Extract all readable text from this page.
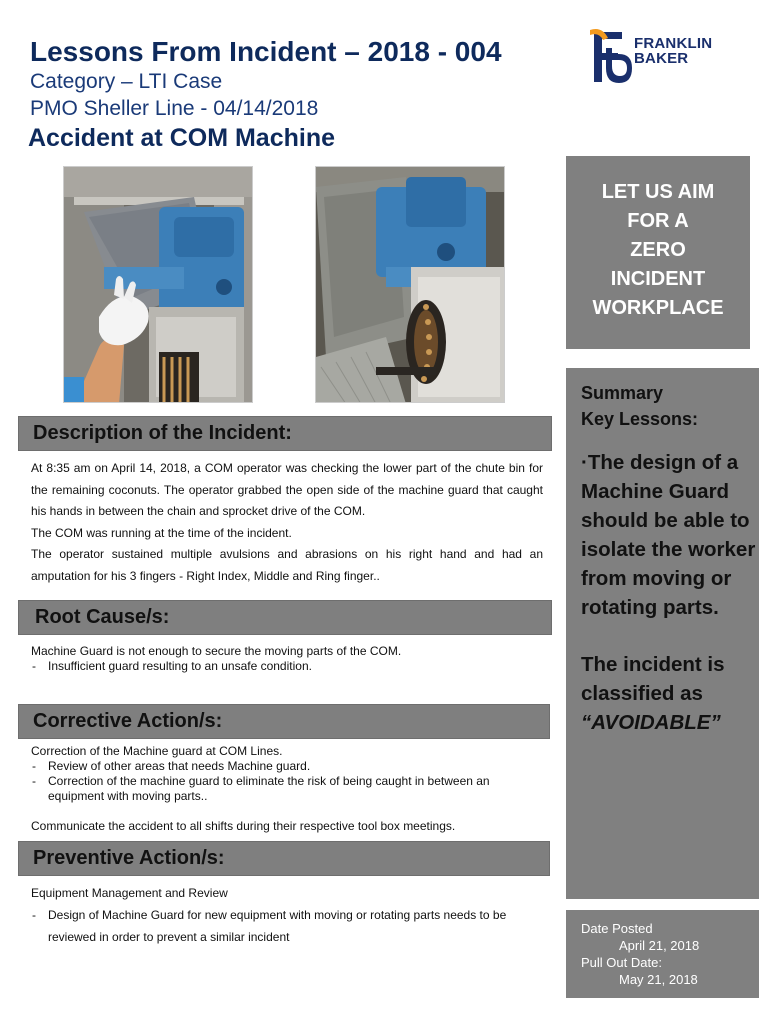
Lessons From Incident – 2018 - 004
Category – LTI Case
PMO Sheller Line - 04/14/2018
Accident at COM Machine
FRANKLIN
BAKER
Description of the Incident:
At 8:35 am on April 14, 2018, a COM operator was checking the lower part of the chute bin for the remaining coconuts. The operator grabbed the open side of the machine guard that caught his hands in between the chain and sprocket drive of the COM.
The COM was running at the time of the incident.
The operator sustained multiple avulsions and abrasions on his right hand and had an amputation for his 3 fingers - Right Index, Middle and Ring finger..
Root Cause/s:
Machine Guard is not enough to secure the moving parts of the COM.
- Insufficient guard resulting to an unsafe condition.
Corrective Action/s:
Correction of the Machine guard at COM Lines.
- Review of other areas that needs Machine guard.
- Correction of the machine guard to eliminate the risk of being caught in between an equipment with moving parts..
Communicate the accident to all shifts during their respective tool box meetings.
Preventive Action/s:
Equipment Management and Review
- Design of Machine Guard for new equipment with moving or rotating parts needs to be reviewed in order to prevent a similar incident
LET US AIM
FOR A
ZERO
INCIDENT
WORKPLACE
Summary
Key Lessons:
·The design of a Machine Guard should be able to isolate the worker from moving or rotating parts.
The incident is classified as
“AVOIDABLE”
Date Posted
April 21, 2018
Pull Out Date:
May 21, 2018
